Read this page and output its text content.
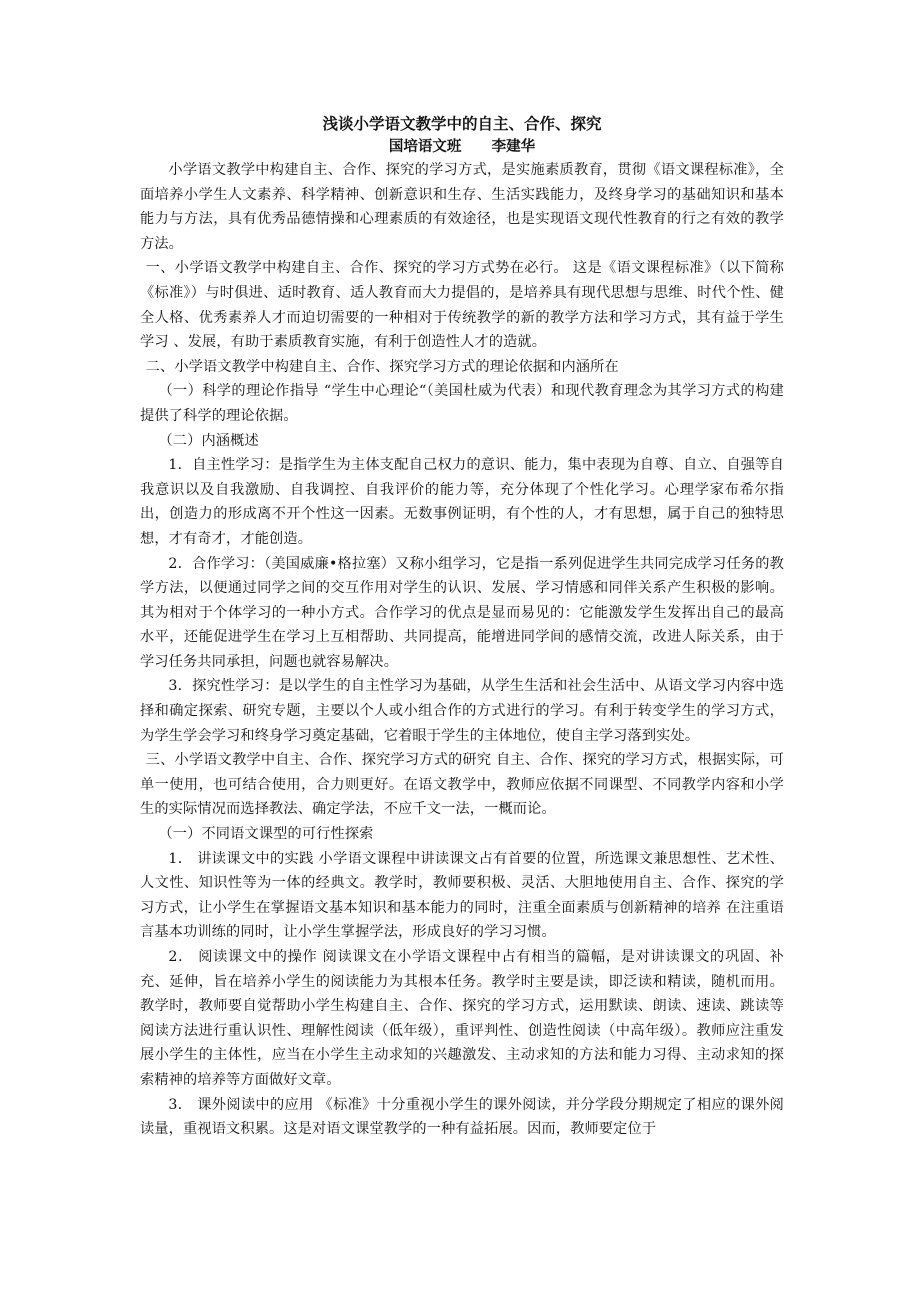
浅谈小学语文教学中的自主、合作、探究
国培语文班      李建华

小学语文教学中构建自主、合作、探究的学习方式，是实施素质教育，贯彻《语文课程标准》，全面培养小学生人文素养、科学精神、创新意识和生存、生活实践能力，及终身学习的基础知识和基本能力与方法，具有优秀品德情操和心理素质的有效途径，也是实现语文现代性教育的行之有效的教学方法。

一、小学语文教学中构建自主、合作、探究的学习方式势在必行。 这是《语文课程标准》（以下简称《标准》）与时俱进、适时教育、适人教育而大力提倡的，是培养具有现代思想与思维、时代个性、健全人格、优秀素养人才而迫切需要的一种相对于传统教学的新的教学方法和学习方式，其有益于学生学习 、发展，有助于素质教育实施，有利于创造性人才的造就。

二、小学语文教学中构建自主、合作、探究学习方式的理论依据和内涵所在

（一）科学的理论作指导 “学生中心理论“（美国杜威为代表）和现代教育理念为其学习方式的构建提供了科学的理论依据。

（二）内涵概述

1．自主性学习：是指学生为主体支配自己权力的意识、能力，集中表现为自尊、自立、自强等自我意识以及自我激励、自我调控、自我评价的能力等，充分体现了个性化学习。心理学家布希尔指出，创造力的形成离不开个性这一因素。无数事例证明，有个性的人，才有思想，属于自己的独特思想，才有奇才，才能创造。

2．合作学习：（美国威廉•格拉塞）又称小组学习，它是指一系列促进学生共同完成学习任务的教学方法，以便通过同学之间的交互作用对学生的认识、发展、学习情感和同伴关系产生积极的影响。其为相对于个体学习的一种小方式。合作学习的优点是显而易见的：它能激发学生发挥出自己的最高水平，还能促进学生在学习上互相帮助、共同提高，能增进同学间的感情交流，改进人际关系，由于学习任务共同承担，问题也就容易解决。

3．探究性学习：是以学生的自主性学习为基础，从学生生活和社会生活中、从语文学习内容中选择和确定探索、研究专题，主要以个人或小组合作的方式进行的学习。有利于转变学生的学习方式，为学生学会学习和终身学习奠定基础，它着眼于学生的主体地位，使自主学习落到实处。

三、小学语文教学中自主、合作、探究学习方式的研究 自主、合作、探究的学习方式，根据实际，可单一使用，也可结合使用，合力则更好。在语文教学中，教师应依据不同课型、不同教学内容和小学生的实际情况而选择教法、确定学法，不应千文一法，一概而论。

（一）不同语文课型的可行性探索

1． 讲读课文中的实践 小学语文课程中讲读课文占有首要的位置，所选课文兼思想性、艺术性、人文性、知识性等为一体的经典文。教学时，教师要积极、灵活、大胆地使用自主、合作、探究的学习方式，让小学生在掌握语文基本知识和基本能力的同时，注重全面素质与创新精神的培养 在注重语言基本功训练的同时，让小学生掌握学法，形成良好的学习习惯。

2． 阅读课文中的操作 阅读课文在小学语文课程中占有相当的篇幅，是对讲读课文的巩固、补充、延伸，旨在培养小学生的阅读能力为其根本任务。教学时主要是读，即泛读和精读，随机而用。教学时，教师要自觉帮助小学生构建自主、合作、探究的学习方式，运用默读、朗读、速读、跳读等阅读方法进行重认识性、理解性阅读（低年级），重评判性、创造性阅读（中高年级）。教师应注重发展小学生的主体性，应当在小学生主动求知的兴趣激发、主动求知的方法和能力习得、主动求知的探索精神的培养等方面做好文章。

3． 课外阅读中的应用 《标准》十分重视小学生的课外阅读，并分学段分期规定了相应的课外阅读量，重视语文积累。这是对语文课堂教学的一种有益拓展。因而，教师要定位于
